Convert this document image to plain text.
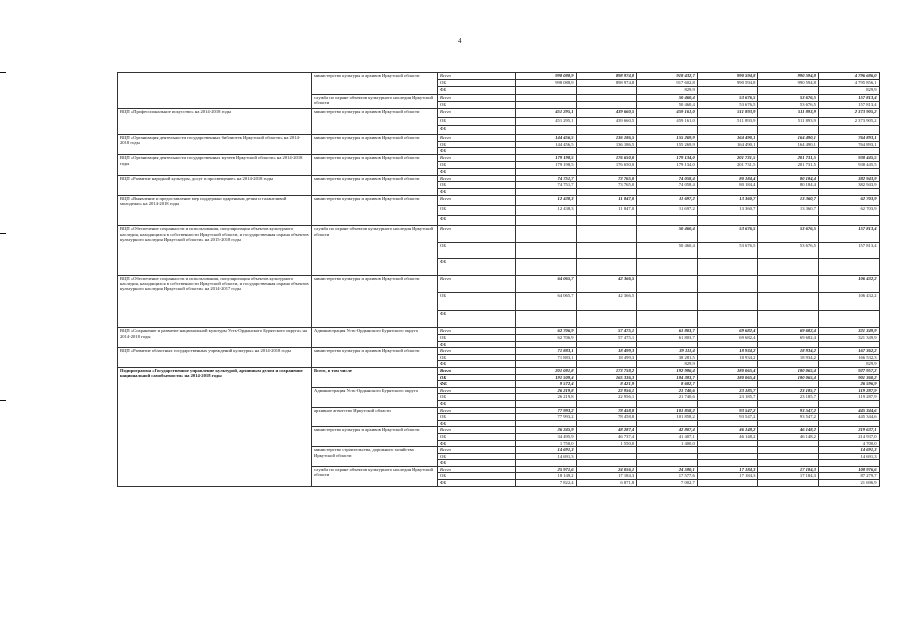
4
	министерство культуры и архивов Иркутской области	Всего	998 088,9	898 974,8	918 432,7	990 594,8	990 594,8	4 796 686,0
		ОБ	998 088,9	898 974,8	917 602,8	990 594,8	990 594,8	4 795 856,1
		ФБ			829,9			829,9
	служба по охране объектов культурного наследия Иркутской области	Всего			50 460,4	53 676,5	53 676,5	157 813,4
		ОБ			50 460,4	53 676,5	53 676,5	157 813,4
ВЦП «Профессиональное искусство» на 2014-2018 годы	министерство культуры и архивов Иркутской области	Всего	451 295,1	439 660,5	459 161,0	511 893,9	511 893,9	2 373 905,2
		ОБ	451 295,1	439 660,5	459 161,0	511 893,9	511 893,9	2 373 905,2
		ФБ						
ВЦП «Организация деятельности государственных библиотек Иркутской области» на 2014-2018 годы	министерство культуры и архивов Иркутской области	Всего	144 456,5	136 186,5	155 269,9	164 490,1	164 490,1	764 893,1
		ОБ	144 456,5	136 186,5	155 269,9	164 490,1	164 490,1	764 893,1
		ФБ						
ВЦП «Организация деятельности государственных музеев Иркутской области» на 2014-2018 годы	министерство культуры и архивов Иркутской области	Всего	179 198,5	176 650,0	179 134,0	201 731,5	201 731,5	938 445,5
		ОБ	179 198,5	176 650,0	179 134,0	201 731,5	201 731,5	938 445,5
		ФБ						
ВЦП «Развитие народной культуры, досуг и просвещение» на 2014-2018 годы	министерство культуры и архивов Иркутской области	Всего	74 751,7	73 765,0	74 058,4	80 184,4	80 184,4	382 943,9
		ОБ	74 751,7	73 765,0	74 058,4	80 184,4	80 184,4	382 943,9
		ФБ						
ВЦП «Выявление и предоставление мер поддержки одаренным детям и талантливой молодежи» на 2014-2018 годы	министерство культуры и архивов Иркутской области	Всего	12 438,3	11 847,0	11 697,2	13 360,7	13 360,7	62 703,9
		ОБ	12 438,3	11 847,0	11 697,2	13 360,7	13 360,7	62 703,9
		ФБ						
ВЦП «Обеспечение сохранности и использования, популяризация объектов культурного наследия, находящихся в собственности Иркутской области, и государственная охрана объектов культурного наследия Иркутской области» на 2015-2018 годы	служба по охране объектов культурного наследия Иркутской области	Всего			50 460,4	53 676,5	53 676,5	157 813,4
		ОБ			50 460,4	53 676,5	53 676,5	157 813,4
		ФБ						
ВЦП «Обеспечение сохранности и использования, популяризация объектов культурного наследия, находящихся в собственности Иркутской области, и государственная охрана объектов культурного наследия Иркутской области» на 2014-2017 годы	министерство культуры и архивов Иркутской области	Всего	64 065,7	42 366,5				106 432,2
		ОБ	64 065,7	42 366,5				106 432,2
		ФБ						
ВЦП «Сохранение и развитие национальной культуры Усть-Ордынского Бурятского округа» на 2014-2018 годы	Администрация Усть-Ордынского Бурятского округа	Всего	62 706,9	57 475,1	61 803,7	69 682,4	69 682,4	321 349,9
		ОБ	62 706,9	57 475,1	61 803,7	69 682,4	69 682,4	321 349,9
		ФБ						
ВЦП «Развитие областных государственных учреждений культуры» на 2014-2018 годы	министерство культуры и архивов Иркутской области	Всего	71 883,1	18 499,3	39 111,4	18 934,2	18 934,2	167 362,2
		ОБ	71 883,1	18 499,3	38 281,5	18 934,2	18 934,2	166 532,3
		ФБ			829,9			829,9
Подпрограмма «Государственное управление культурой, архивным делом и сохранение национальной самобытности» на 2014-2018 годы	Всего, в том числе	Всего	201 081,8	173 758,2	192 986,4	180 065,4	180 065,4	927 957,2
		ОБ	191 509,4	165 336,3	184 383,7	180 065,4	180 065,4	901 360,2
		ФБ	9 572,4	8 421,9	8 602,7			26 596,9
	Администрация Усть-Ордынского Бурятского округа	Всего	26 219,8	22 956,1	21 740,6	23 185,7	23 185,7	119 287,9
		ОБ	26 219,8	22 956,1	21 740,6	23 185,7	23 185,7	119 287,9
		ФБ						
	архивное агентство Иркутской области	Всего	77 993,2	78 458,8	101 858,2	93 547,2	93 547,2	445 344,6
		ОБ	77 993,2	78 458,8	101 858,2	93 547,2	93 547,2	445 344,6
		ФБ						
	министерство культуры и архивов Иркутской области	Всего	36 245,9	48 287,4	42 807,4	46 148,2	46 148,2	219 637,1
		ОБ	34 495,9	46 737,4	41 407,1	46 148,2	46 148,2	214 937,0
		ФБ	1 750,0	1 550,0	1 400,0			4 700,0
	министерство строительства, дорожного хозяйства Иркутской области	Всего	14 691,3					14 691,3
		ОБ	14 691,3					14 691,3
		ФБ						
	служба по охране объектов культурного наследия Иркутской области	Всего	25 971,6	24 056,1	24 580,1	17 184,3	17 184,3	108 976,6
		ОБ	18 149,2	17 184,3	17 577,6	17 184,3	17 184,3	87 279,7
		ФБ	7 822,4	6 871,8	7 002,7			21 696,9
